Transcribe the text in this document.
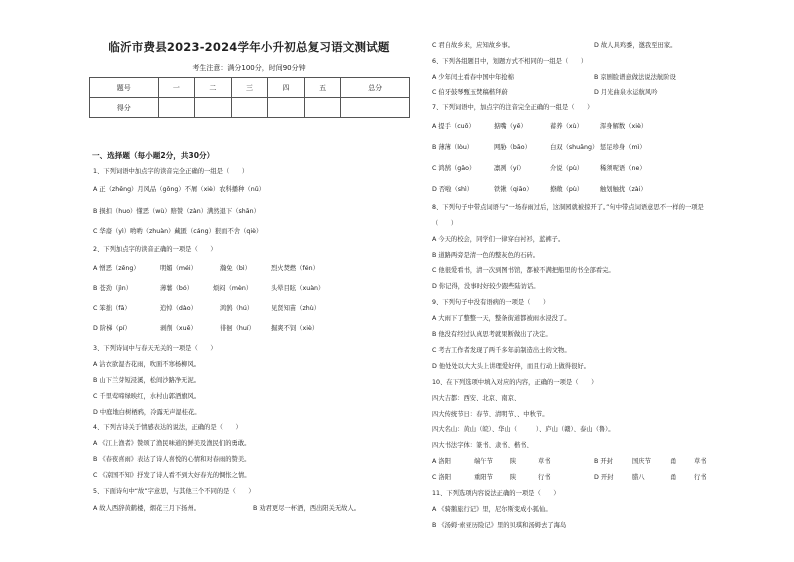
临沂市费县2023-2024学年小升初总复习语文测试题
考生注意：满分100分，时间90分钟
题号	一	二	三	四	五	总分
得分						
一、选择题（每小题2分，共30分）
1、下列词语中加点字的读音完全正确的一组是（　　）
A 正（zhēng）月风品（gōng）不屑（xiè）农科播种（nǔ）
B 损扣（huo）懂恶（wù）赔赞（zàn）满然退下（shān）
C 华裔（yì）哟哟（zhuàn）藏匿（cáng）狠而不舍（qiè）
2、下列加点字的读音正确的一项是（　　）
A 憎恶（zēng）	明媚（méi）	瀚免（bì）	烈火焚燃（fén）
B 苍劲（jìn）	薄薯（bó）	烦闷（mèn）	头晕目眩（xuàn）
C 笨拙（fā）	追悼（dào）	鸿鹄（hú）	见贤知苗（zhù）
D 阶梯（pí）	剥削（xuē）	徘徊（huí）	掘爽不饲（xiè）
3、下列诗词中与春天无关的一项是（　　）
A 沾衣欲湿杏花雨，吹面不寒杨柳风。
B 山下兰芽短浸溪，松间沙路净无泥。
C 千里莺啼绿映红，水村山郭酒旗风。
D 中庭地白树栖鸦，冷露无声湿桂花。
4、下列古诗关于情感表达的说法，正确的是（　　）
A 《江上渔者》赞颂了渔民味道的鲜美及渔民们的勇敢。
B 《春夜喜雨》表达了诗人喜悦的心情和对春雨的赞美。
C 《凉国不知》抒发了诗人看不到大好春光的惆怅之情。
5、下面诗句中“故”字意思，与其他三个不同的是（　　）
A 故人西辞黄鹤楼，烟花三月下扬州。	B 劝君更尽一杯酒，西出阳关无故人。
C 君自故乡来，应知故乡事。	D 故人具鸡黍，邀我至田家。
6、下列各组题目中，划题方式不相同的一组是（　　）
A 少年闰土看春中国中年抢棉	B 京剧脸谱意做法说法航阶设
C 伯牙鼓琴甄玉焚稿楷拜蔚	D 月光曲泉水运航风吟
7、下列词语中，加点字的注音完全正确的一组是（　　）
A 提手（cuō）	掂嘴（yē）	蓄养（xù）	浑身解数（xiè）
B 薄薄（lòu）	网胁（bāo）	白双（shuāng） 惩足珍身（mì）
C 鸿鹄（gāo）	凛冽（yí）	介说（pù）	稀须呢语（ne）
D 否啦（shì）	铁锹（qiāo）	撩敞（pù）	触划触扰（zài）
8、下列句子中带点词语与“一场春雨过后，这洞园就被掠开了。”句中带点词语意思不一样的一项是
（　　）
A 今天的校会，同学们一律穿白衬衫，蓝裤子。
B 道路两旁是清一色的整灰色的石砖。
C 他很爱看书，清一次到图书馆，都被不满把船里的书全部看完。
D 你记得，没事时好较少跟些陆访话。
9、下列句子中没有语病的一项是（　　）
A 大雨下了整整一天，整条街道都被雨水浸没了。
B 他没有经过认真思考就果断做出了决定。
C 考古工作者发现了两千多年前制造出土的文物。
D 他处处以大大头上讲理爱好伴，而且行动上做得很好。
10、在下列选项中填入对应的内容，正确的一项是（　　）
四大吉都：西安、北京、南京、
四大传统节日：春节、清明节、、中秋节。
四大名山：黄山（皖）、华山（　　　）、庐山（赣）、泰山（鲁）。
四大书法字体：篆书、隶书、楷书、
A 洛阳	端午节	陕	草书	B 开封	国庆节	甬	草书
C 洛阳	重阳节	陕	行书	D 开封	腊八	甬	行书
11、下列选项内容说法正确的一项是（　　）
A 《骑鹅旅行记》里，尼尔斯变成小狐仙。
B 《汤姆·索亚历险记》里的贝琪和汤姆去了海岛
